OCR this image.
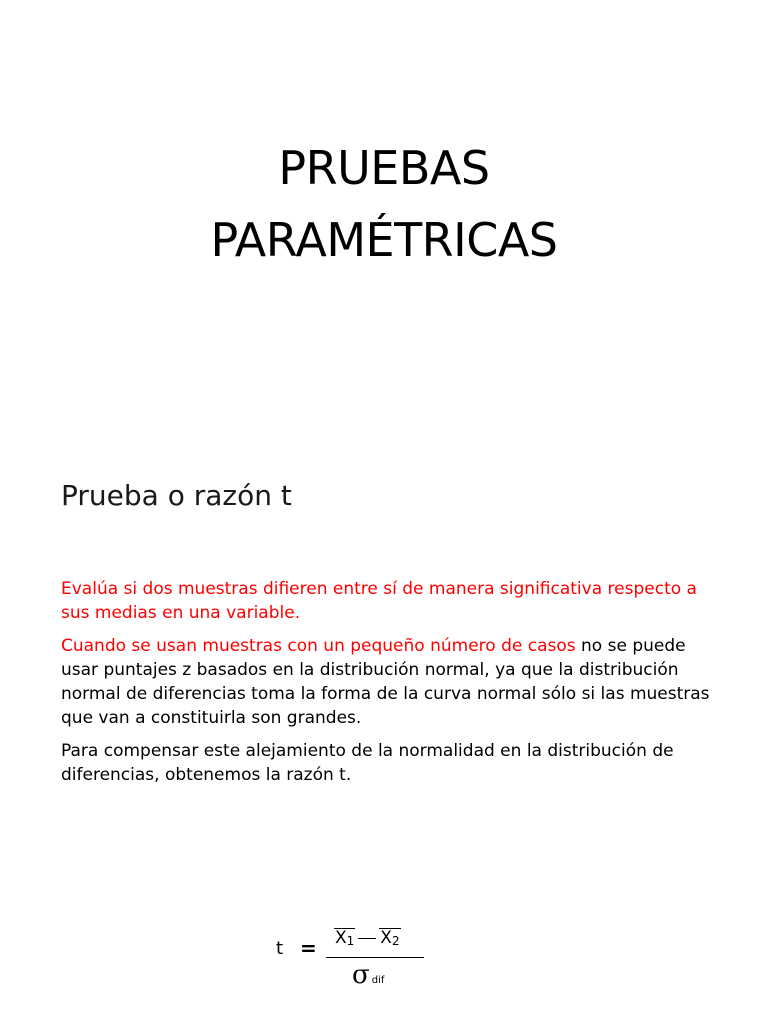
PRUEBAS
PARAMÉTRICAS
Prueba o razón t

Evalúa si dos muestras difieren entre sí de manera significativa respecto a sus medias en una variable.

Cuando se usan muestras con un pequeño número de casos no se puede usar puntajes z basados en la distribución normal, ya que la distribución normal de diferencias toma la forma de la curva normal sólo si las muestras que van a constituirla son grandes.

Para compensar este alejamiento de la normalidad en la distribución de diferencias, obtenemos la razón t.

t = X1 X2
σdif
